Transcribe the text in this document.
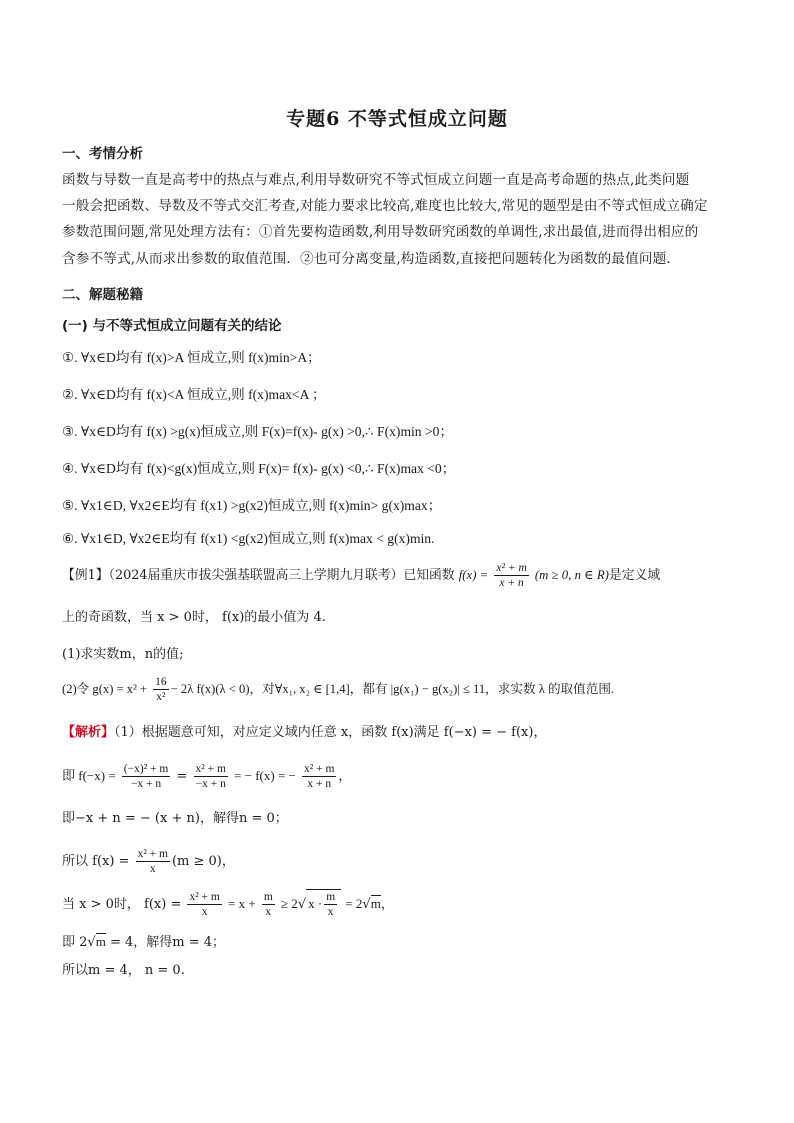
专题6 不等式恒成立问题
一、考情分析
函数与导数一直是高考中的热点与难点,利用导数研究不等式恒成立问题一直是高考命题的热点,此类问题
一般会把函数、导数及不等式交汇考查,对能力要求比较高,难度也比较大,常见的题型是由不等式恒成立确定
参数范围问题,常见处理方法有：①首先要构造函数,利用导数研究函数的单调性,求出最值,进而得出相应的
含参不等式,从而求出参数的取值范围．②也可分离变量,构造函数,直接把问题转化为函数的最值问题．
二、解题秘籍
(一) 与不等式恒成立问题有关的结论
①. ∀x∈D均有 f(x)>A 恒成立,则 f(x)min>A；
②. ∀x∈D均有 f(x)<A 恒成立,则 f(x)max<A ；
③. ∀x∈D均有 f(x) >g(x)恒成立,则 F(x)=f(x)- g(x) >0,∴ F(x)min >0；
④. ∀x∈D均有 f(x)<g(x)恒成立,则 F(x)= f(x)- g(x) <0,∴ F(x)max <0；
⑤. ∀x1∈D, ∀x2∈E均有 f(x1) >g(x2)恒成立,则 f(x)min> g(x)max；
⑥. ∀x1∈D, ∀x2∈E均有 f(x1) <g(x2)恒成立,则 f(x)max < g(x)min.
【例1】（2024届重庆市拔尖强基联盟高三上学期九月联考）已知函数 $f(x) = \frac{\text{x² + m}}{x + n} (m \ge 0$, n ∈ R)是定义域
上的奇函数，当 x > 0时， f(x)的最小值为 4.
(1)求实数m，n的值;
(2)令 $g(x) = x^2 + \frac{16}{\text{x²}} - 2\lambda$ f(x)(λ < 0)，对∀x₁, x₂ ∈ [1,4]，都有 |g(x₁) − g(x₂)| ≤ 11，求实数 λ 的取值范围.
【解析】（1）根据题意可知，对应定义域内任意 x，函数 f(x)满足 f(−x) = − f(x)，
即 $f(-x) = \frac{\text{(−x)² + m}}{-x + n} = \frac{\text{x² + m}}{-x + n}$ = − f(x) = − $\frac{\text{x² + m}}{x + n}$ ，
即−x + n = − (x + n)，解得n = 0；
所以 $f(x) = \frac{\text{x² + m}}{x} (m \ge 0)$，
当 x > 0时， $f(x) = \frac{\text{x² + m}}{x} = x + \frac{m}{x} \ge 2√$ $x \cdot \frac{m}{x} = 2√m$，
即 2√m = 4，解得m = 4；
所以m = 4， n = 0.
